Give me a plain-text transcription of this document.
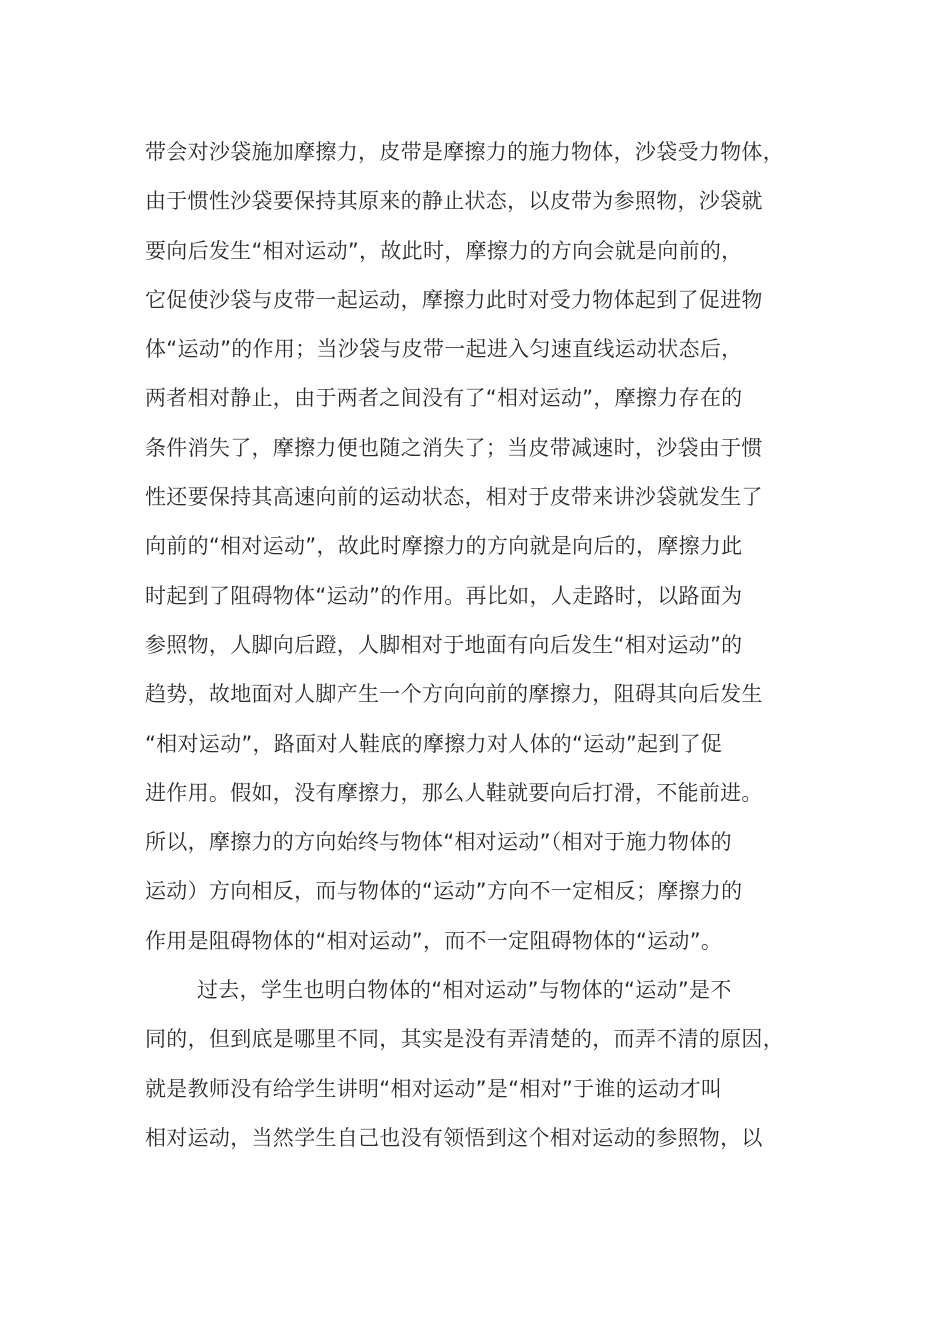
带会对沙袋施加摩擦力，皮带是摩擦力的施力物体，沙袋受力物体，
由于惯性沙袋要保持其原来的静止状态，以皮带为参照物，沙袋就
要向后发生“相对运动”，故此时，摩擦力的方向会就是向前的，
它促使沙袋与皮带一起运动，摩擦力此时对受力物体起到了促进物
体“运动”的作用；当沙袋与皮带一起进入匀速直线运动状态后，
两者相对静止，由于两者之间没有了“相对运动”，摩擦力存在的
条件消失了，摩擦力便也随之消失了；当皮带减速时，沙袋由于惯
性还要保持其高速向前的运动状态，相对于皮带来讲沙袋就发生了
向前的“相对运动”，故此时摩擦力的方向就是向后的，摩擦力此
时起到了阻碍物体“运动”的作用。再比如，人走路时，以路面为
参照物，人脚向后蹬，人脚相对于地面有向后发生“相对运动”的
趋势，故地面对人脚产生一个方向向前的摩擦力，阻碍其向后发生
“相对运动”，路面对人鞋底的摩擦力对人体的“运动”起到了促
进作用。假如，没有摩擦力，那么人鞋就要向后打滑，不能前进。
所以，摩擦力的方向始终与物体“相对运动”（相对于施力物体的
运动）方向相反，而与物体的“运动”方向不一定相反；摩擦力的
作用是阻碍物体的“相对运动”，而不一定阻碍物体的“运动”。
过去，学生也明白物体的“相对运动”与物体的“运动”是不
同的，但到底是哪里不同，其实是没有弄清楚的，而弄不清的原因，
就是教师没有给学生讲明“相对运动”是“相对”于谁的运动才叫
相对运动，当然学生自己也没有领悟到这个相对运动的参照物，以
